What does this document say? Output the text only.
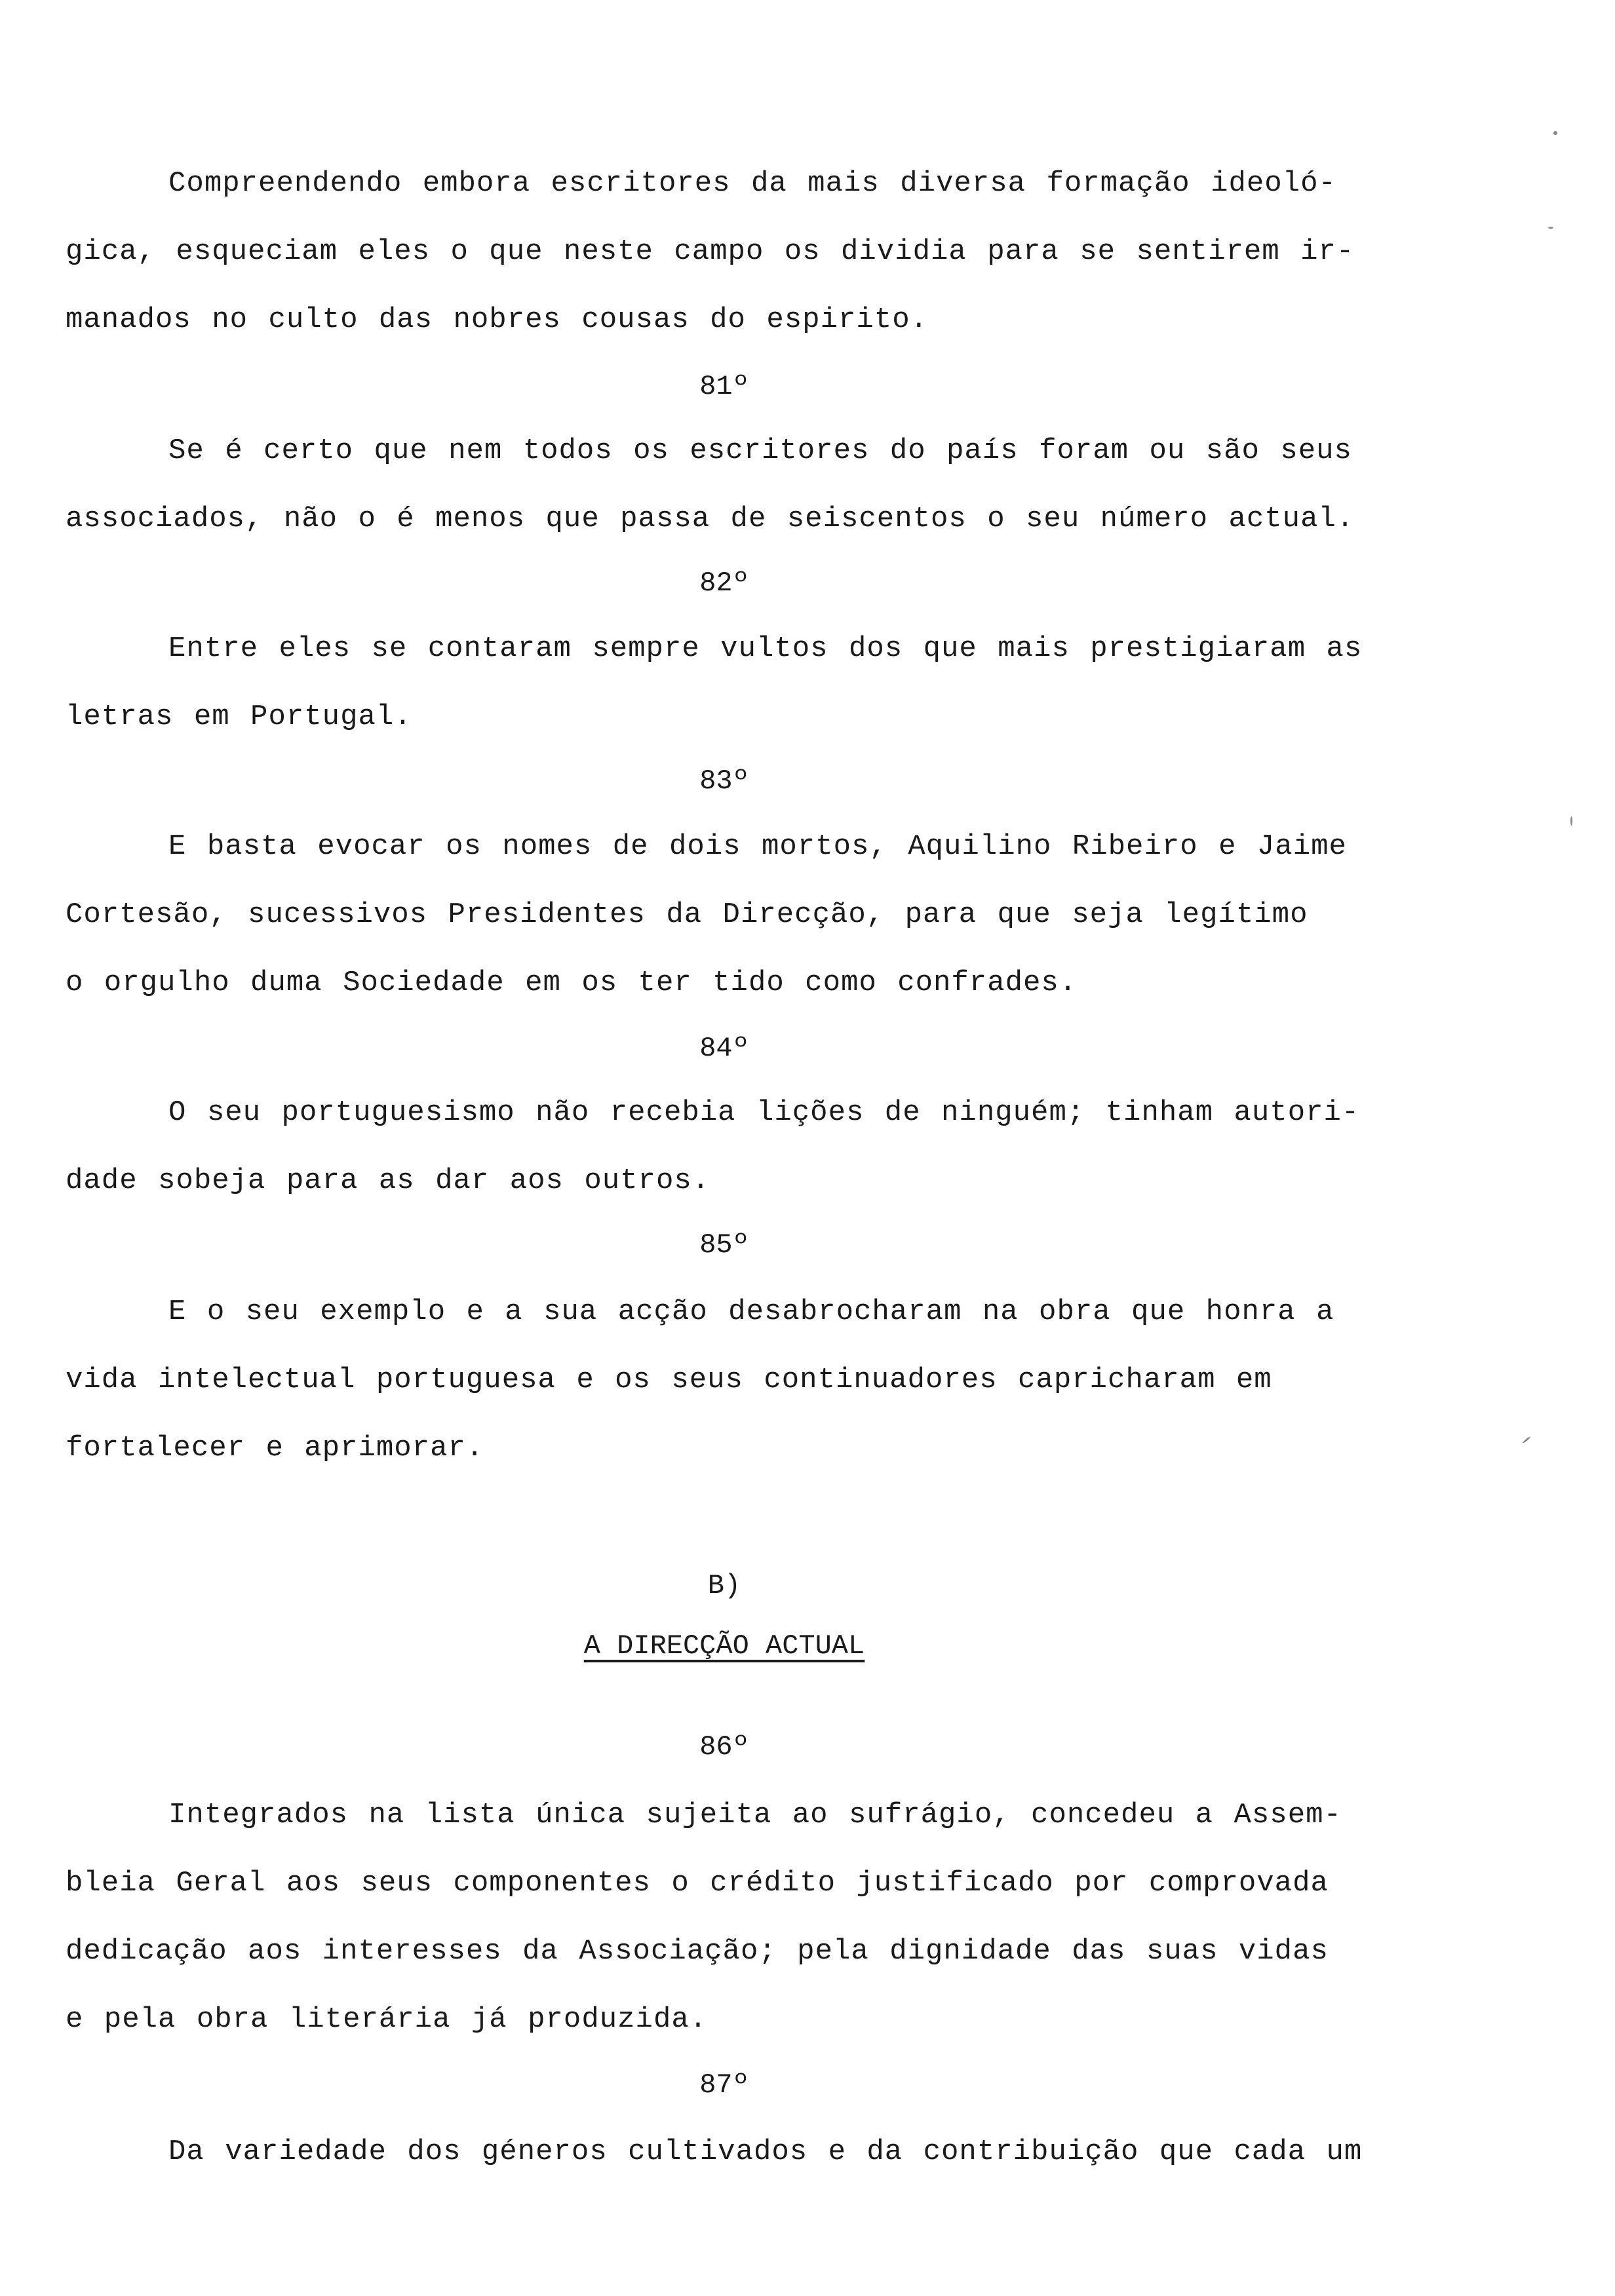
Compreendendo embora escritores da mais diversa formação ideoló-
gica, esqueciam eles o que neste campo os dividia para se sentirem ir-
manados no culto das nobres cousas do espirito.
81º
Se é certo que nem todos os escritores do país foram ou são seus
associados, não o é menos que passa de seiscentos o seu número actual.
82º
Entre eles se contaram sempre vultos dos que mais prestigiaram as
letras em Portugal.
83º
E basta evocar os nomes de dois mortos, Aquilino Ribeiro e Jaime
Cortesão, sucessivos Presidentes da Direcção, para que seja legítimo
o orgulho duma Sociedade em os ter tido como confrades.
84º
O seu portuguesismo não recebia lições de ninguém; tinham autori-
dade sobeja para as dar aos outros.
85º
E o seu exemplo e a sua acção desabrocharam na obra que honra a
vida intelectual portuguesa e os seus continuadores capricharam em
fortalecer e aprimorar.
B)
A DIRECÇÃO ACTUAL
86º
Integrados na lista única sujeita ao sufrágio, concedeu a Assem-
bleia Geral aos seus componentes o crédito justificado por comprovada
dedicação aos interesses da Associação; pela dignidade das suas vidas
e pela obra literária já produzida.
87º
Da variedade dos géneros cultivados e da contribuição que cada um
